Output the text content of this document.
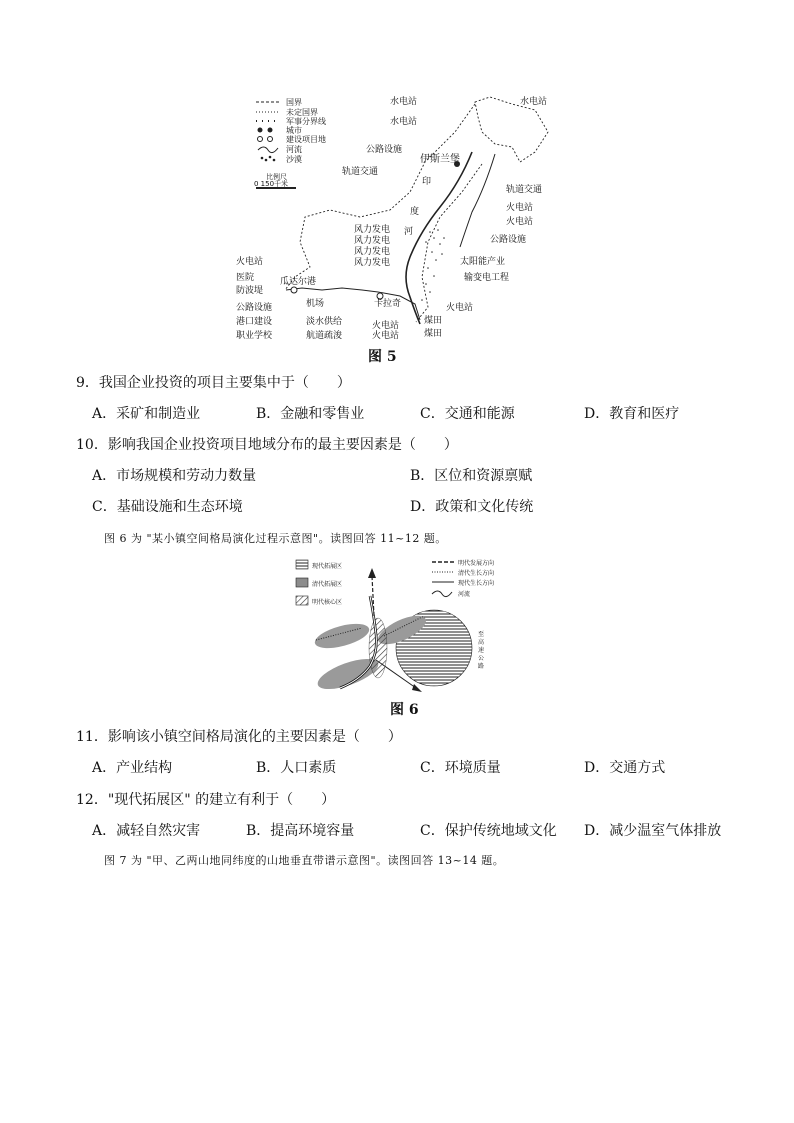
国界
未定国界
军事分界线
城市
建设项目地
河流
沙漠
比例尺
0 150千米
水电站
水电站
水电站
公路设施
伊斯兰堡
轨道交通
轨道交通
火电站
火电站
公路设施
太阳能产业
输变电工程
火电站
煤田
煤田
风力发电
风力发电
风力发电
风力发电
卡拉奇
火电站
火电站
火电站
医院
防波堤
瓜达尔港
机场
公路设施
港口建设	淡水供给
职业学校	航道疏浚
印
度
河
图 5
9．我国企业投资的项目主要集中于（　　）
A．采矿和制造业	B．金融和零售业	C．交通和能源	D．教育和医疗
10．影响我国企业投资项目地域分布的最主要因素是（　　）
A．市场规模和劳动力数量	B．区位和资源禀赋
C．基础设施和生态环境	D．政策和文化传统
图 6 为 "某小镇空间格局演化过程示意图"。读图回答 11~12 题。
现代拓展区
清代拓展区
明代核心区
明代发展方向
清代生长方向
现代生长方向
河流
至
高
速
公
路
图 6
11．影响该小镇空间格局演化的主要因素是（　　）
A．产业结构	B．人口素质	C．环境质量	D．交通方式
12．"现代拓展区" 的建立有利于（　　）
A．减轻自然灾害	B．提高环境容量	C．保护传统地域文化 D．减少温室气体排放
图 7 为 "甲、乙两山地同纬度的山地垂直带谱示意图"。读图回答 13~14 题。
